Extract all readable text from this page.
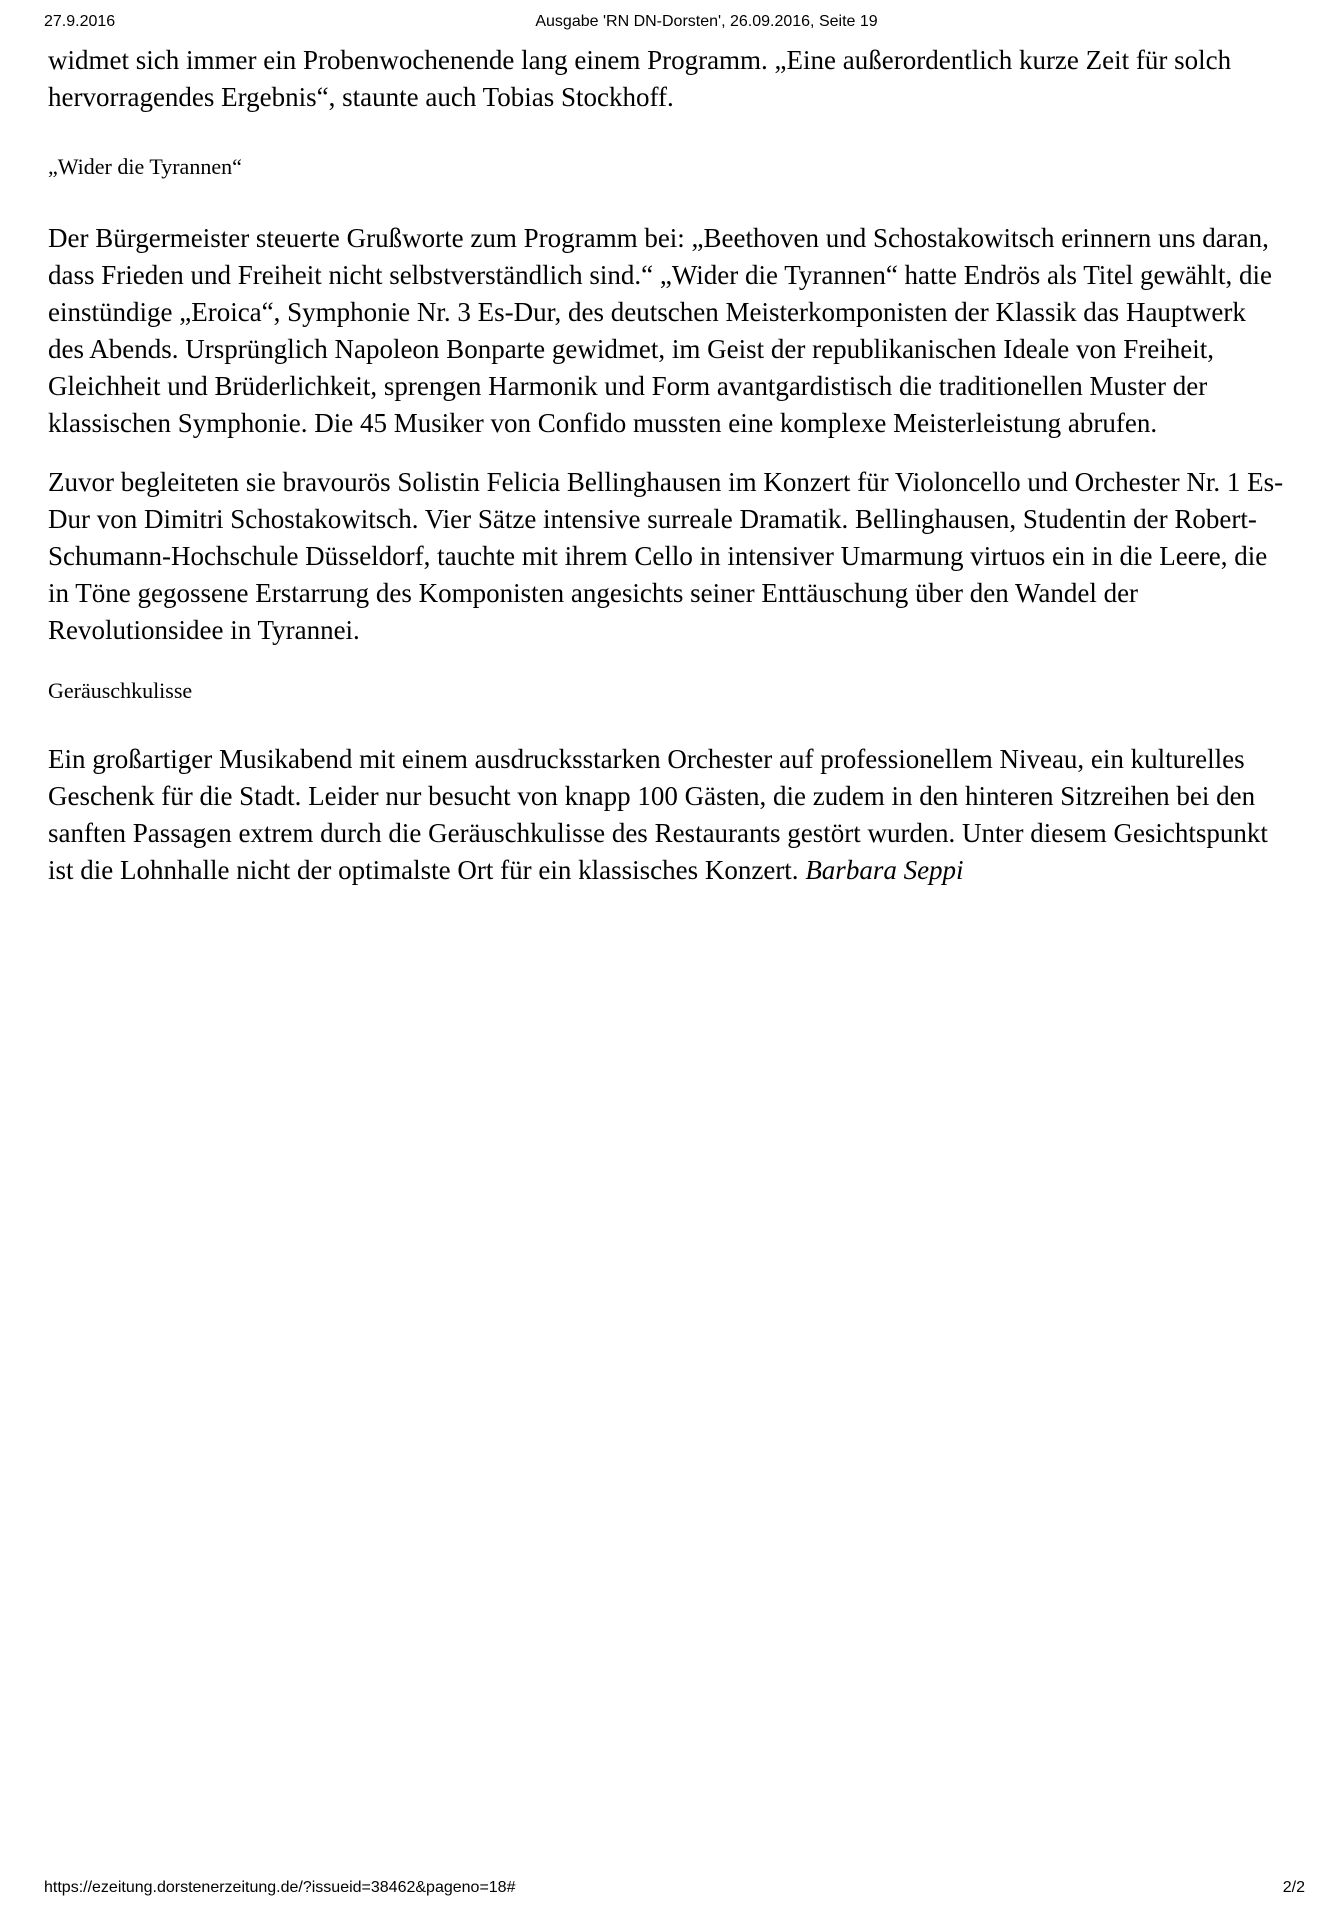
27.9.2016	Ausgabe 'RN DN-Dorsten', 26.09.2016, Seite 19

widmet sich immer ein Probenwochenende lang einem Programm. „Eine außerordentlich kurze Zeit für solch hervorragendes Ergebnis“, staunte auch Tobias Stockhoff.

„Wider die Tyrannen“

Der Bürgermeister steuerte Grußworte zum Programm bei: „Beethoven und Schostakowitsch erinnern uns daran, dass Frieden und Freiheit nicht selbstverständlich sind.“ „Wider die Tyrannen“ hatte Endrös als Titel gewählt, die einstündige „Eroica“, Symphonie Nr. 3 Es-Dur, des deutschen Meisterkomponisten der Klassik das Hauptwerk des Abends. Ursprünglich Napoleon Bonparte gewidmet, im Geist der republikanischen Ideale von Freiheit, Gleichheit und Brüderlichkeit, sprengen Harmonik und Form avantgardistisch die traditionellen Muster der klassischen Symphonie. Die 45 Musiker von Confido mussten eine komplexe Meisterleistung abrufen.

Zuvor begleiteten sie bravourös Solistin Felicia Bellinghausen im Konzert für Violoncello und Orchester Nr. 1 Es-Dur von Dimitri Schostakowitsch. Vier Sätze intensive surreale Dramatik. Bellinghausen, Studentin der Robert-Schumann-Hochschule Düsseldorf, tauchte mit ihrem Cello in intensiver Umarmung virtuos ein in die Leere, die in Töne gegossene Erstarrung des Komponisten angesichts seiner Enttäuschung über den Wandel der Revolutionsidee in Tyrannei.

Geräuschkulisse

Ein großartiger Musikabend mit einem ausdrucksstarken Orchester auf professionellem Niveau, ein kulturelles Geschenk für die Stadt. Leider nur besucht von knapp 100 Gästen, die zudem in den hinteren Sitzreihen bei den sanften Passagen extrem durch die Geräuschkulisse des Restaurants gestört wurden. Unter diesem Gesichtspunkt ist die Lohnhalle nicht der optimalste Ort für ein klassisches Konzert. Barbara Seppi

https://ezeitung.dorstenerzeitung.de/?issueid=38462&pageno=18#	2/2
